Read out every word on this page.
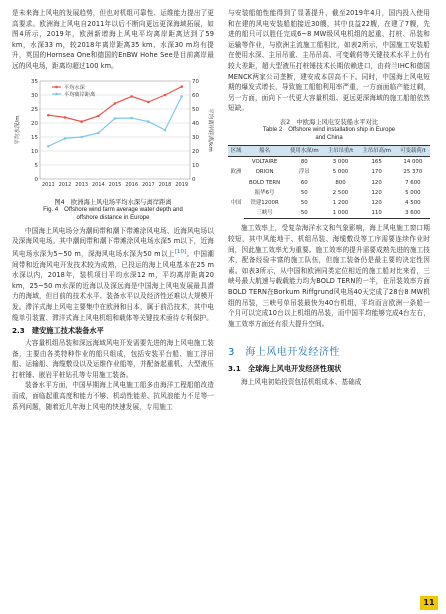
是未来海上风电的发展趋势，但也对机组可靠性、运维能力提出了更高要求。欧洲海上风电自2011年以后不断向更远更深海域拓展，如图4所示，2019年，欧洲新增海上风电平均离岸距离达到了59 km，水深33 m，较2018年离岸距离35 km、水深30 m均有提升，英国的Hornsea One和德国的EnBW Hohe See是目前离岸最远的风电场，距离均超过100 km。

0
5
10
15
20
25
30
35
0
10
20
30
40
50
60
70
2011 2012 2013 2014 2015 2016 2017 2018 2019
平均水深/m	平均离岸距离/km
平均水深
平均离岸距离
图4　欧洲海上风电场平均水深与离岸距离
Fig. 4　Offshore wind farm average water depth and
offshore distance in Europe

中国海上风电场分为潮间带和潮下带滩涂风电场、近海风电场以及深海风电场。其中潮间带和潮下带滩涂风电场水深5 m以下，近海风电场水深为5~50 m，深海风电场水深为50 m以上[10]。中国潮间带和近海风电开发技术较为成熟，已投运的海上风电基本在25 m水深以内，2018年，装机项目平均水深12 m，平均离岸距离20 km，25~50 m水深的近海以及深远海是中国海上风电发展最具潜力的海域，但目前的技术水平、装备水平以及经济性还难以大规模开发。滞洋式海上风电主要集中在欧洲和日本，属于前沿技术，其中电缆单引装置、滞洋式海上风电机组和载体等关键技术亟待专利保护。

2.3　建安施工技术装备水平

大容量机组吊装和深远海域风电开发需要先进的海上风电施工装备，主要由各类特种作业的船只组成，包括安装平台船、施工浮吊船、运输船、海缆敷设以及运维作业船等，并配备起重机、大型液压打桩锤、嵌岩平桩钻孔等专用施工装备。

装备水平方面，中国早期海上风电施工船多由海洋工程船舶改造而成，面临起重高度和能力不够、机动性能差、抗风浪能力不足等一系列问题，随着近几年海上风电的快速发展，专用施工

与安装船舶性能得到了显著提升，截至2019年4月，国内投入使用和在建的风电安装船舶接近30艘，其中良益22艘，在建了7艘，先进的船只可以胜任完成6~8 MW级风电机组的起重、打桩、吊装和运输等作业，与欧洲主流施工船相比，如表2所示，中国施工安装船在使用水深、主吊吊重、主吊吊高、可变载荷等关键技术水平上仍有较大差距，超大型液压打桩锤技术长期依赖进口，由荷兰IHC和德国MENCK两家公司垄断，建安成本居高不下。同时，中国海上风电短期的爆发式增长，导致施工船舶利用率严重，一方面面临产能过剩，另一方面，面向下一代更大容量机组、更远更深海域的施工船舶依然短缺。

表2　中欧海上风电安装船水平对比
Table 2　Offshore wind installation ship in Europe
and China
区域	船名	使用水深/m	主吊吊重/t	主吊吊高/m	可变载荷/t
欧洲	VOLTAIRE	80	3 000	165	14 000
	ORION	浮吊	5 000	170	25 370
	BOLD TERN	60	800	120	7 600
中国	振华6号	50	2 500	120	5 000
	铁建1200R	50	1 200	120	4 500
	三峡号	50	1 000	110	3 600

施工效率上，受复杂海洋水文和气象影响，海上风电施工窗口期较短，其中风能地干、机组吊装、海缆敷设等工序需要连续作业时间，因此施工效率尤为重要。施工效率的提升需要成熟先进的施工技术，配备经验丰富的施工队伍，但施工装备仍是最主要的决定性因素。如表3所示，从中国和欧洲同类定位相近的施工船对比来看，三峡号最大航速与载载能力均为BOLD TERN的一半，在吊装效率方面BOLD TERN在Borkum Riffgrund风电场40天完成了28台8 MW机组的吊装，三峡号单吊装最快为40台机组，平均而言欧洲一条船一个月可以完成10台以上机组的吊装，而中国平均能够完成4台左右，施工效率方面还有很大提升空间。

3　海上风电开发经济性
3.1　全球海上风电开发经济性现状

海上风电初始投资包括机组成本、基础成

11
